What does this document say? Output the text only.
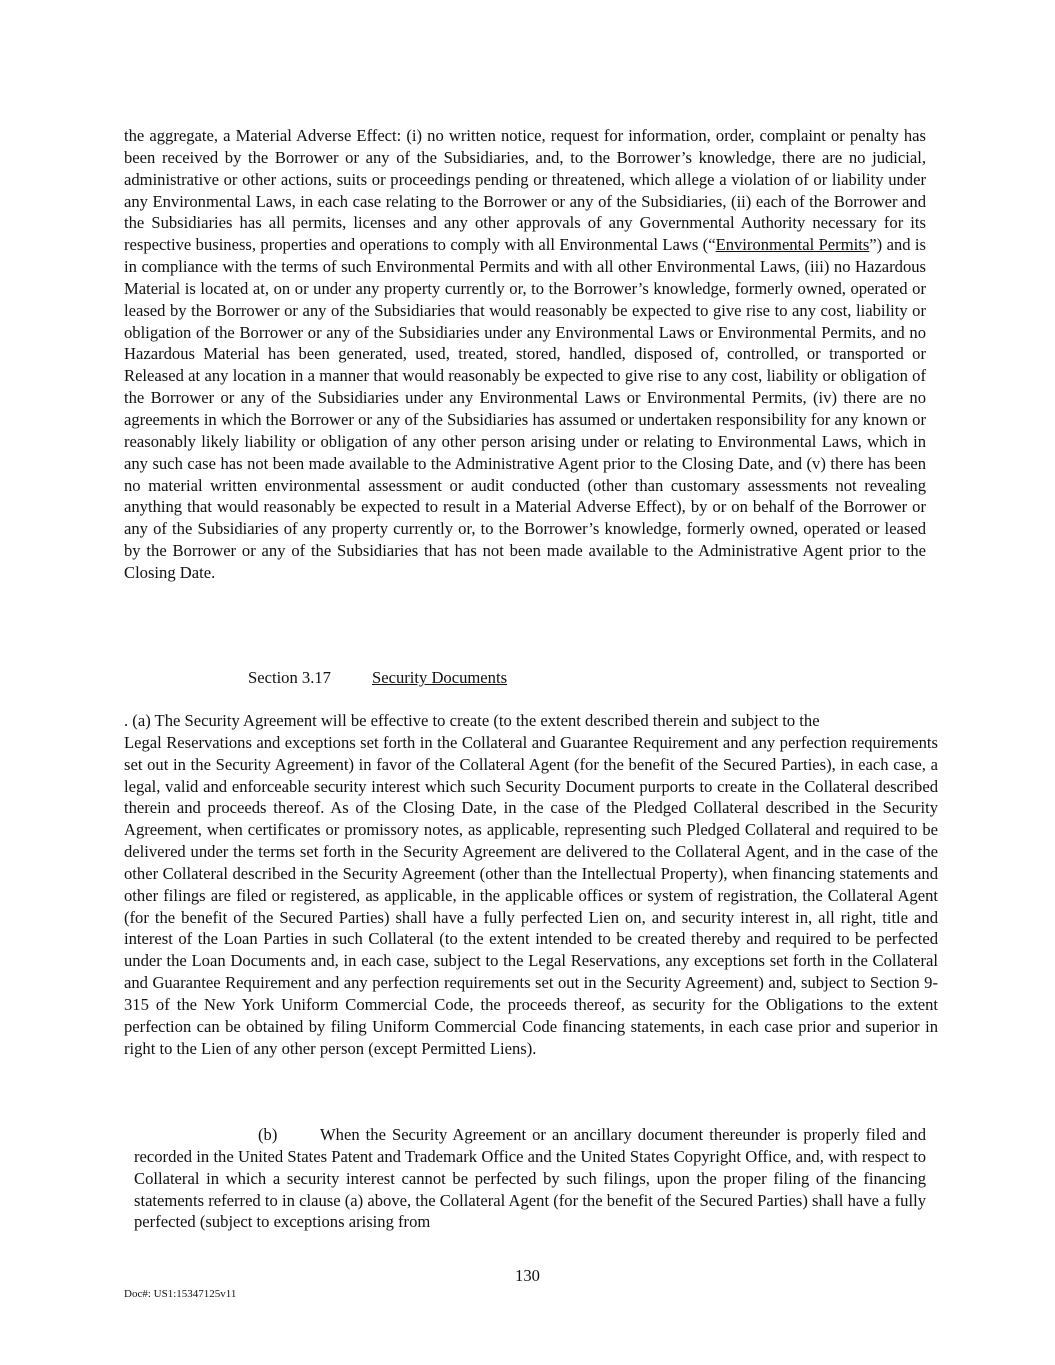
the aggregate, a Material Adverse Effect: (i) no written notice, request for information, order, complaint or penalty has been received by the Borrower or any of the Subsidiaries, and, to the Borrower’s knowledge, there are no judicial, administrative or other actions, suits or proceedings pending or threatened, which allege a violation of or liability under any Environmental Laws, in each case relating to the Borrower or any of the Subsidiaries, (ii) each of the Borrower and the Subsidiaries has all permits, licenses and any other approvals of any Governmental Authority necessary for its respective business, properties and operations to comply with all Environmental Laws (“Environmental Permits”) and is in compliance with the terms of such Environmental Permits and with all other Environmental Laws, (iii) no Hazardous Material is located at, on or under any property currently or, to the Borrower’s knowledge, formerly owned, operated or leased by the Borrower or any of the Subsidiaries that would reasonably be expected to give rise to any cost, liability or obligation of the Borrower or any of the Subsidiaries under any Environmental Laws or Environmental Permits, and no Hazardous Material has been generated, used, treated, stored, handled, disposed of, controlled, or transported or Released at any location in a manner that would reasonably be expected to give rise to any cost, liability or obligation of the Borrower or any of the Subsidiaries under any Environmental Laws or Environmental Permits, (iv) there are no agreements in which the Borrower or any of the Subsidiaries has assumed or undertaken responsibility for any known or reasonably likely liability or obligation of any other person arising under or relating to Environmental Laws, which in any such case has not been made available to the Administrative Agent prior to the Closing Date, and (v) there has been no material written environmental assessment or audit conducted (other than customary assessments not revealing anything that would reasonably be expected to result in a Material Adverse Effect), by or on behalf of the Borrower or any of the Subsidiaries of any property currently or, to the Borrower’s knowledge, formerly owned, operated or leased by the Borrower or any of the Subsidiaries that has not been made available to the Administrative Agent prior to the Closing Date.

Section 3.17 Security Documents

. (a) The Security Agreement will be effective to create (to the extent described therein and subject to the
Legal Reservations and exceptions set forth in the Collateral and Guarantee Requirement and any perfection requirements set out in the Security Agreement) in favor of the Collateral Agent (for the benefit of the Secured Parties), in each case, a legal, valid and enforceable security interest which such Security Document purports to create in the Collateral described therein and proceeds thereof. As of the Closing Date, in the case of the Pledged Collateral described in the Security Agreement, when certificates or promissory notes, as applicable, representing such Pledged Collateral and required to be delivered under the terms set forth in the Security Agreement are delivered to the Collateral Agent, and in the case of the other Collateral described in the Security Agreement (other than the Intellectual Property), when financing statements and other filings are filed or registered, as applicable, in the applicable offices or system of registration, the Collateral Agent (for the benefit of the Secured Parties) shall have a fully perfected Lien on, and security interest in, all right, title and interest of the Loan Parties in such Collateral (to the extent intended to be created thereby and required to be perfected under the Loan Documents and, in each case, subject to the Legal Reservations, any exceptions set forth in the Collateral and Guarantee Requirement and any perfection requirements set out in the Security Agreement) and, subject to Section 9-315 of the New York Uniform Commercial Code, the proceeds thereof, as security for the Obligations to the extent perfection can be obtained by filing Uniform Commercial Code financing statements, in each case prior and superior in right to the Lien of any other person (except Permitted Liens).

(b)	When the Security Agreement or an ancillary document thereunder is properly filed and recorded in the United States Patent and Trademark Office and the United States Copyright Office, and, with respect to Collateral in which a security interest cannot be perfected by such filings, upon the proper filing of the financing statements referred to in clause (a) above, the Collateral Agent (for the benefit of the Secured Parties) shall have a fully perfected (subject to exceptions arising from

130
Doc#: US1:15347125v11
